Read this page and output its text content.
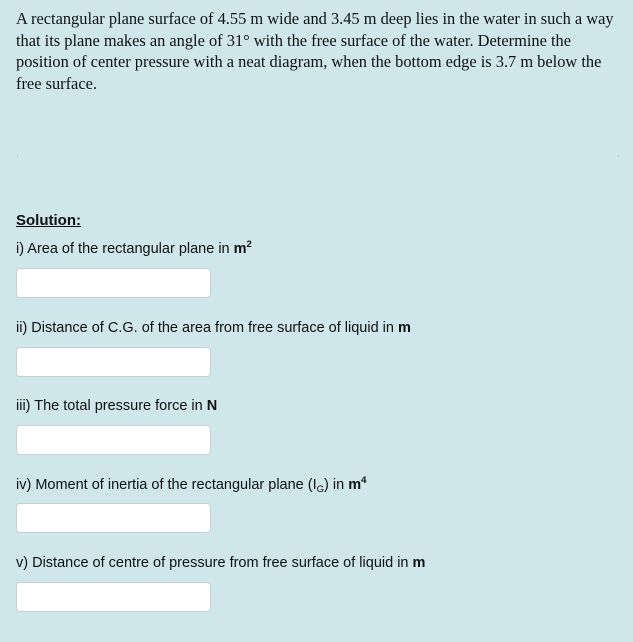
A rectangular plane surface of 4.55 m wide and 3.45 m deep lies in the water in such a way that its plane makes an angle of 31° with the free surface of the water. Determine the position of center pressure with a neat diagram, when the bottom edge is 3.7 m below the free surface.
Solution:
i) Area of the rectangular plane in $m^2$
ii) Distance of C.G. of the area from free surface of liquid in m
iii) The total pressure force in N
iv) Moment of inertia of the rectangular plane $(I_G)$ in $m^4$
v) Distance of centre of pressure from free surface of liquid in m
